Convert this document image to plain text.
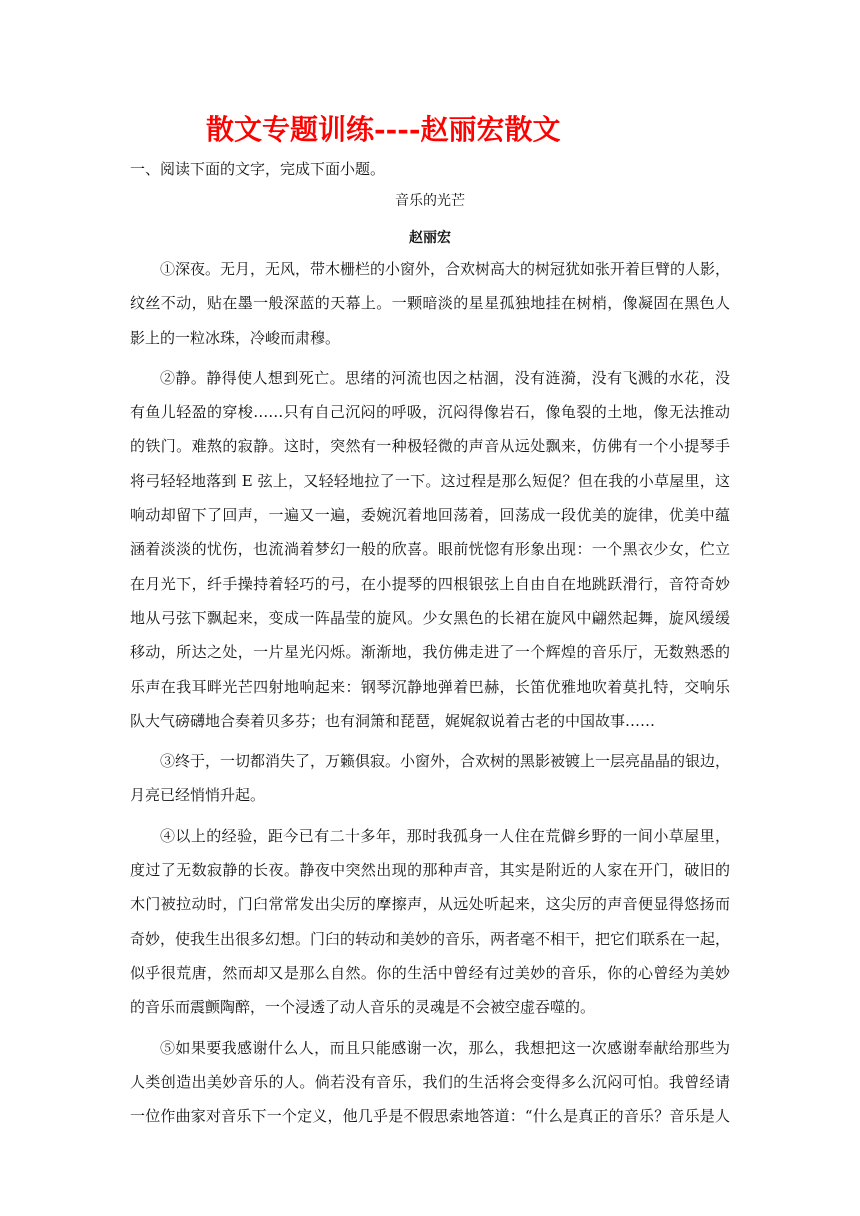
散文专题训练----赵丽宏散文
一、阅读下面的文字，完成下面小题。
音乐的光芒
赵丽宏
①深夜。无月，无风，带木栅栏的小窗外，合欢树高大的树冠犹如张开着巨臂的人影，
纹丝不动，贴在墨一般深蓝的天幕上。一颗暗淡的星星孤独地挂在树梢，像凝固在黑色人
影上的一粒冰珠，冷峻而肃穆。
②静。静得使人想到死亡。思绪的河流也因之枯涸，没有涟漪，没有飞溅的水花，没
有鱼儿轻盈的穿梭……只有自己沉闷的呼吸，沉闷得像岩石，像龟裂的土地，像无法推动
的铁门。难熬的寂静。这时，突然有一种极轻微的声音从远处飘来，仿佛有一个小提琴手
将弓轻轻地落到 E 弦上，又轻轻地拉了一下。这过程是那么短促？但在我的小草屋里，这
响动却留下了回声，一遍又一遍，委婉沉着地回荡着，回荡成一段优美的旋律，优美中蕴
涵着淡淡的忧伤，也流淌着梦幻一般的欣喜。眼前恍惚有形象出现：一个黑衣少女，伫立
在月光下，纤手操持着轻巧的弓，在小提琴的四根银弦上自由自在地跳跃滑行，音符奇妙
地从弓弦下飘起来，变成一阵晶莹的旋风。少女黑色的长裙在旋风中翩然起舞，旋风缓缓
移动，所达之处，一片星光闪烁。渐渐地，我仿佛走进了一个辉煌的音乐厅，无数熟悉的
乐声在我耳畔光芒四射地响起来：钢琴沉静地弹着巴赫，长笛优雅地吹着莫扎特，交响乐
队大气磅礴地合奏着贝多芬；也有洞箫和琵琶，娓娓叙说着古老的中国故事……
③终于，一切都消失了，万籁俱寂。小窗外，合欢树的黑影被镀上一层亮晶晶的银边，
月亮已经悄悄升起。
④以上的经验，距今已有二十多年，那时我孤身一人住在荒僻乡野的一间小草屋里，
度过了无数寂静的长夜。静夜中突然出现的那种声音，其实是附近的人家在开门，破旧的
木门被拉动时，门臼常常发出尖厉的摩擦声，从远处听起来，这尖厉的声音便显得悠扬而
奇妙，使我生出很多幻想。门臼的转动和美妙的音乐，两者毫不相干，把它们联系在一起，
似乎很荒唐，然而却又是那么自然。你的生活中曾经有过美妙的音乐，你的心曾经为美妙
的音乐而震颤陶醉，一个浸透了动人音乐的灵魂是不会被空虚吞噬的。
⑤如果要我感谢什么人，而且只能感谢一次，那么，我想把这一次感谢奉献给那些为
人类创造出美妙音乐的人。倘若没有音乐，我们的生活将会变得多么沉闷可怕。我曾经请
一位作曲家对音乐下一个定义，他几乎是不假思索地答道：“什么是真正的音乐？音乐是人
